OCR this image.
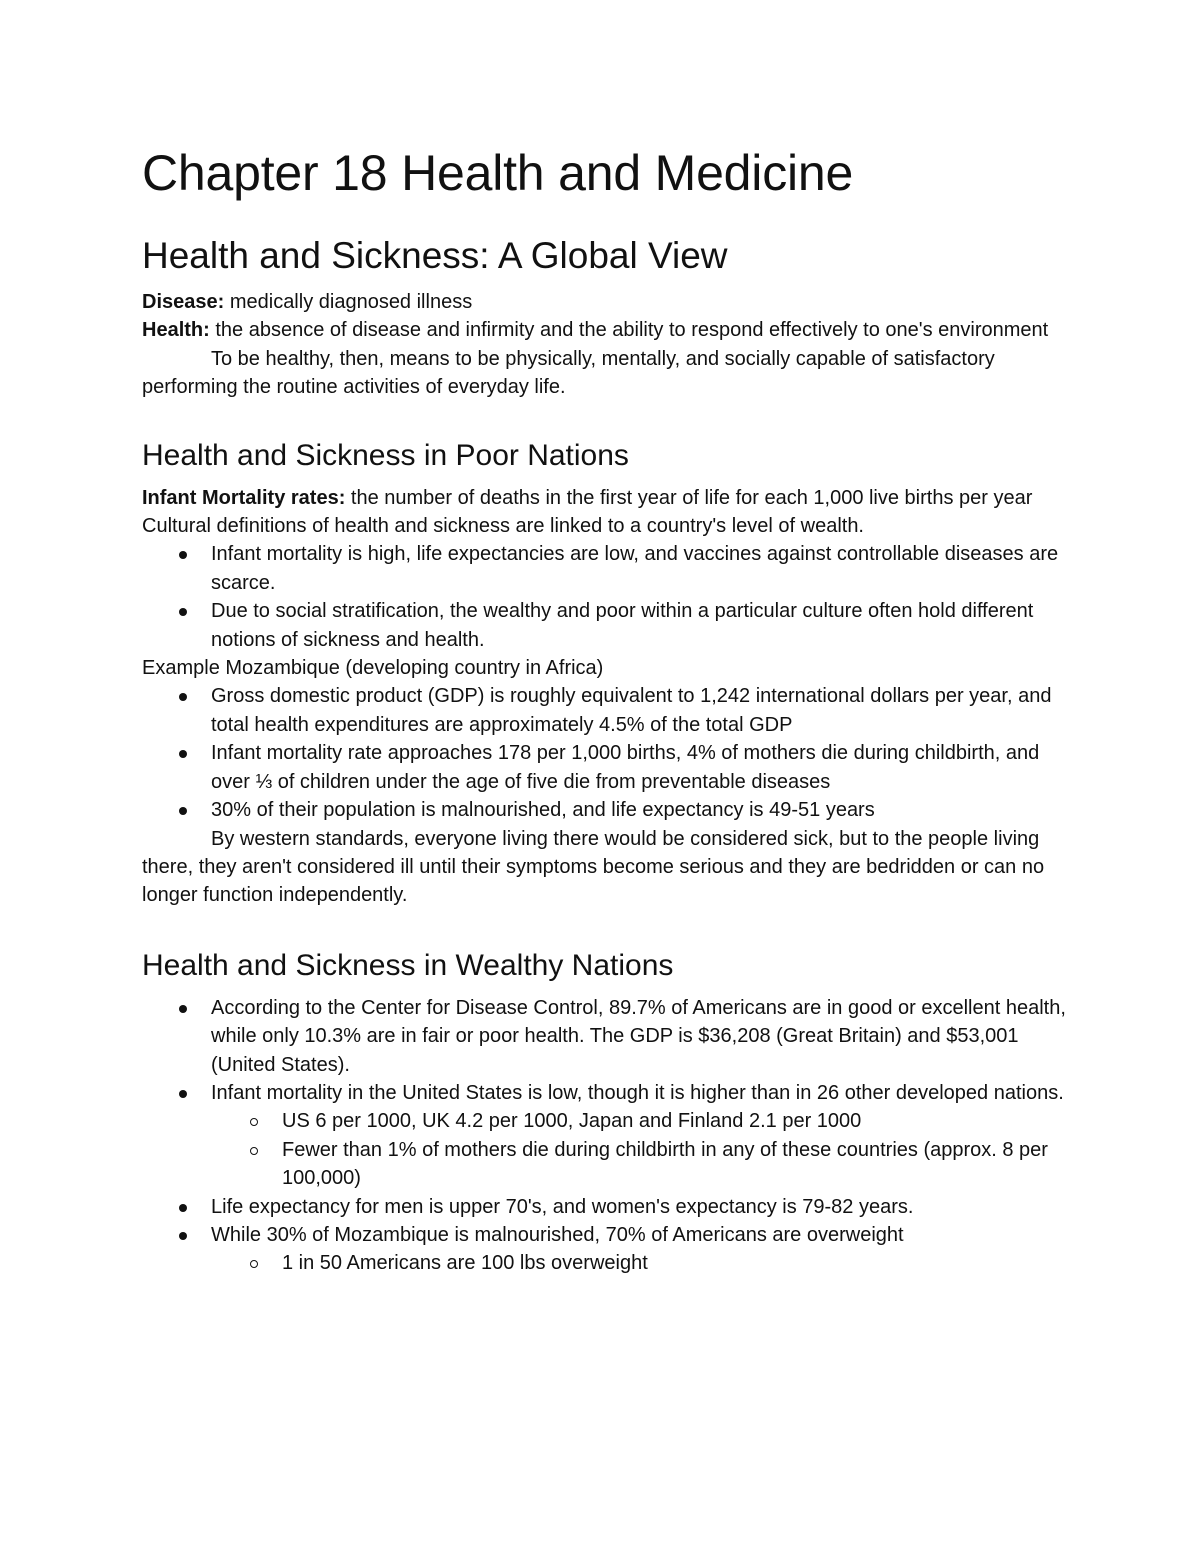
Chapter 18 Health and Medicine
Health and Sickness: A Global View

Disease: medically diagnosed illness

Health: the absence of disease and infirmity and the ability to respond effectively to one's environment

To be healthy, then, means to be physically, mentally, and socially capable of satisfactory performing the routine activities of everyday life.

Health and Sickness in Poor Nations

Infant Mortality rates: the number of deaths in the first year of life for each 1,000 live births per year

Cultural definitions of health and sickness are linked to a country's level of wealth.

Infant mortality is high, life expectancies are low, and vaccines against controllable diseases are scarce.
Due to social stratification, the wealthy and poor within a particular culture often hold different notions of sickness and health.

Example Mozambique (developing country in Africa)

Gross domestic product (GDP) is roughly equivalent to 1,242 international dollars per year, and total health expenditures are approximately 4.5% of the total GDP
Infant mortality rate approaches 178 per 1,000 births, 4% of mothers die during childbirth, and over ⅓ of children under the age of five die from preventable diseases
30% of their population is malnourished, and life expectancy is 49-51 years

By western standards, everyone living there would be considered sick, but to the people living there, they aren't considered ill until their symptoms become serious and they are bedridden or can no longer function independently.

Health and Sickness in Wealthy Nations
According to the Center for Disease Control, 89.7% of Americans are in good or excellent health, while only 10.3% are in fair or poor health. The GDP is $36,208 (Great Britain) and $53,001 (United States).
Infant mortality in the United States is low, though it is higher than in 26 other developed nations.
US 6 per 1000, UK 4.2 per 1000, Japan and Finland 2.1 per 1000
Fewer than 1% of mothers die during childbirth in any of these countries (approx. 8 per 100,000)
Life expectancy for men is upper 70's, and women's expectancy is 79-82 years.
While 30% of Mozambique is malnourished, 70% of Americans are overweight
1 in 50 Americans are 100 lbs overweight
